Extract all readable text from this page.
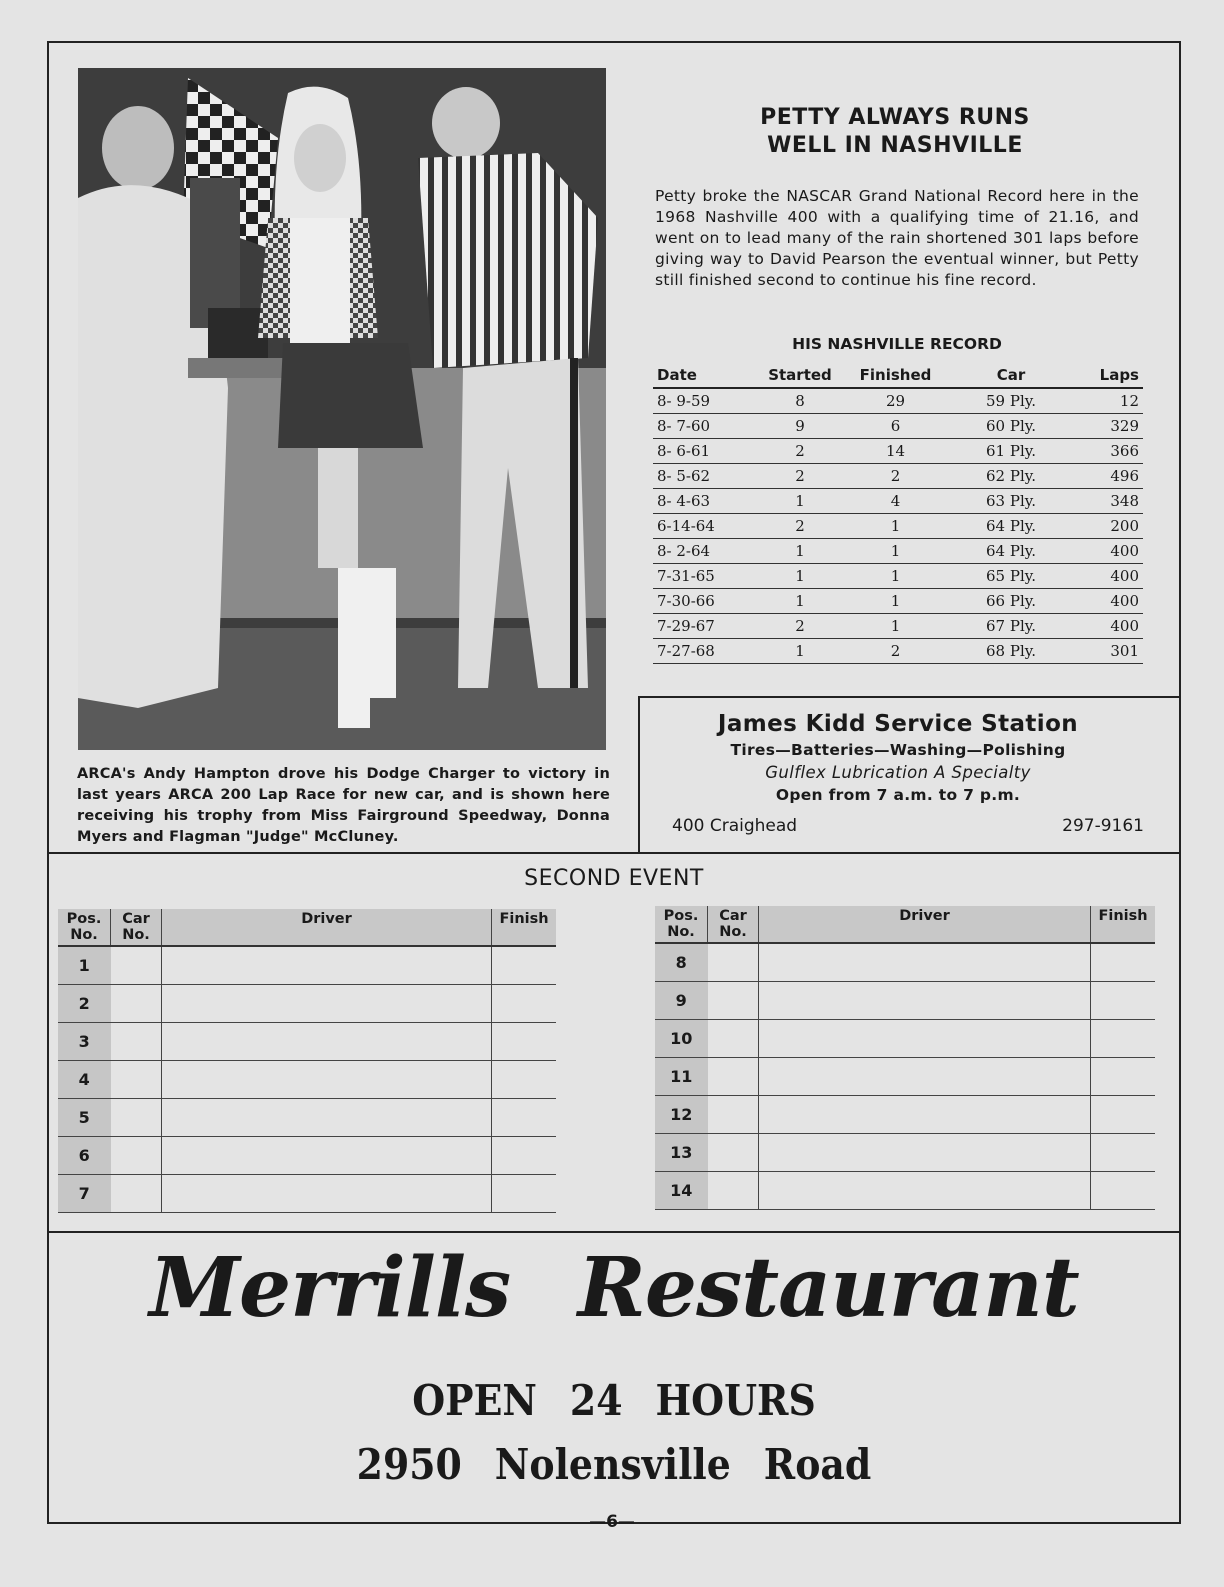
ARCA's Andy Hampton drove his Dodge Charger to victory in last years ARCA 200 Lap Race for new car, and is shown here receiving his trophy from Miss Fairground Speedway, Donna Myers and Flagman "Judge" McCluney.
PETTY ALWAYS RUNS
WELL IN NASHVILLE
Petty broke the NASCAR Grand National Record here in the 1968 Nashville 400 with a qualifying time of 21.16, and went on to lead many of the rain shortened 301 laps before giving way to David Pearson the eventual winner, but Petty still finished second to continue his fine record.
HIS NASHVILLE RECORD
Date	Started	Finished	Car	Laps
8- 9-59	8	29	59 Ply.	12
8- 7-60	9	6	60 Ply.	329
8- 6-61	2	14	61 Ply.	366
8- 5-62	2	2	62 Ply.	496
8- 4-63	1	4	63 Ply.	348
6-14-64	2	1	64 Ply.	200
8- 2-64	1	1	64 Ply.	400
7-31-65	1	1	65 Ply.	400
7-30-66	1	1	66 Ply.	400
7-29-67	2	1	67 Ply.	400
7-27-68	1	2	68 Ply.	301
James Kidd Service Station
Tires—Batteries—Washing—Polishing
Gulflex Lubrication A Specialty
Open from 7 a.m. to 7 p.m.
400 Craighead	297-9161
SECOND EVENT
Pos. No.	Car No.	Driver	Finish
1			
2			
3			
4			
5			
6			
7			
Pos. No.	Car No.	Driver	Finish
8			
9			
10			
11			
12			
13			
14			
Merrills Restaurant
OPEN 24 HOURS
2950 Nolensville Road
—6—
